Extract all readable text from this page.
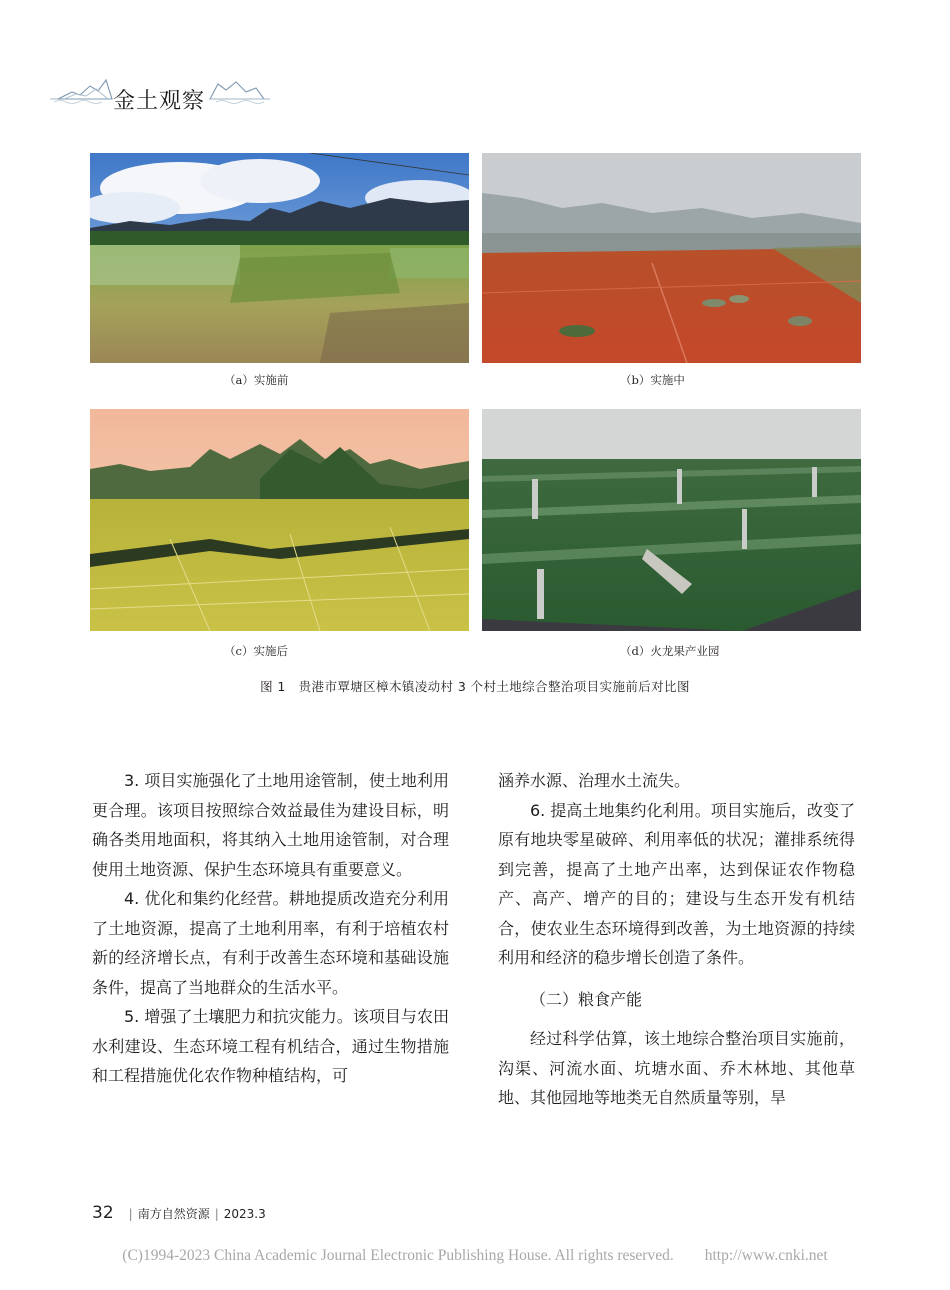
金土观察
（a）实施前	（b）实施中
（c）实施后	（d）火龙果产业园
图 1　贵港市覃塘区樟木镇凌动村 3 个村土地综合整治项目实施前后对比图

3. 项目实施强化了土地用途管制，使土地利用更合理。该项目按照综合效益最佳为建设目标，明确各类用地面积，将其纳入土地用途管制，对合理使用土地资源、保护生态环境具有重要意义。

4. 优化和集约化经营。耕地提质改造充分利用了土地资源，提高了土地利用率，有利于培植农村新的经济增长点，有利于改善生态环境和基础设施条件，提高了当地群众的生活水平。

5. 增强了土壤肥力和抗灾能力。该项目与农田水利建设、生态环境工程有机结合，通过生物措施和工程措施优化农作物种植结构，可

涵养水源、治理水土流失。

6. 提高土地集约化利用。项目实施后，改变了原有地块零星破碎、利用率低的状况；灌排系统得到完善，提高了土地产出率，达到保证农作物稳产、高产、增产的目的；建设与生态开发有机结合，使农业生态环境得到改善，为土地资源的持续利用和经济的稳步增长创造了条件。

（二）粮食产能

经过科学估算，该土地综合整治项目实施前，沟渠、河流水面、坑塘水面、乔木林地、其他草地、其他园地等地类无自然质量等别，旱

32 | 南方自然资源 | 2023.3
(C)1994-2023 China Academic Journal Electronic Publishing House. All rights reserved.　　http://www.cnki.net
